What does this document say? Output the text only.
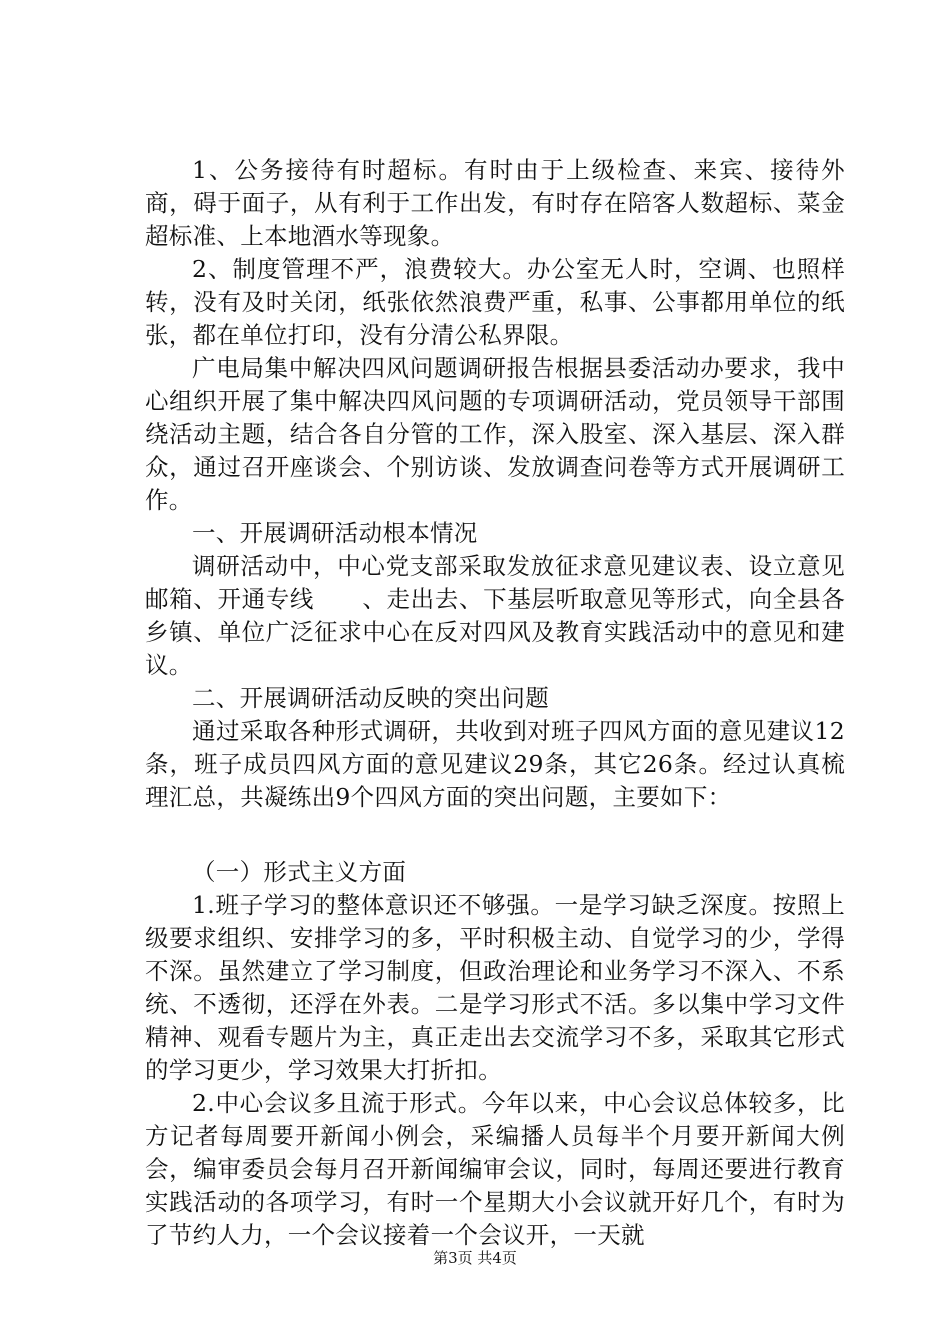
1、公务接待有时超标。有时由于上级检查、来宾、接待外商，碍于面子，从有利于工作出发，有时存在陪客人数超标、菜金超标准、上本地酒水等现象。

2、制度管理不严，浪费较大。办公室无人时，空调、也照样转，没有及时关闭，纸张依然浪费严重，私事、公事都用单位的纸张，都在单位打印，没有分清公私界限。

广电局集中解决四风问题调研报告根据县委活动办要求，我中心组织开展了集中解决四风问题的专项调研活动，党员领导干部围绕活动主题，结合各自分管的工作，深入股室、深入基层、深入群众，通过召开座谈会、个别访谈、发放调查问卷等方式开展调研工作。

一、开展调研活动根本情况

调研活动中，中心党支部采取发放征求意见建议表、设立意见邮箱、开通专线　　、走出去、下基层听取意见等形式，向全县各乡镇、单位广泛征求中心在反对四风及教育实践活动中的意见和建议。

二、开展调研活动反映的突出问题

通过采取各种形式调研，共收到对班子四风方面的意见建议12条，班子成员四风方面的意见建议29条，其它26条。经过认真梳理汇总，共凝练出9个四风方面的突出问题，主要如下：

（一）形式主义方面

1.班子学习的整体意识还不够强。一是学习缺乏深度。按照上级要求组织、安排学习的多，平时积极主动、自觉学习的少，学得不深。虽然建立了学习制度，但政治理论和业务学习不深入、不系统、不透彻，还浮在外表。二是学习形式不活。多以集中学习文件精神、观看专题片为主，真正走出去交流学习不多，采取其它形式的学习更少，学习效果大打折扣。

2.中心会议多且流于形式。今年以来，中心会议总体较多，比方记者每周要开新闻小例会，采编播人员每半个月要开新闻大例会，编审委员会每月召开新闻编审会议，同时，每周还要进行教育实践活动的各项学习，有时一个星期大小会议就开好几个，有时为了节约人力，一个会议接着一个会议开，一天就

第3页 共4页
